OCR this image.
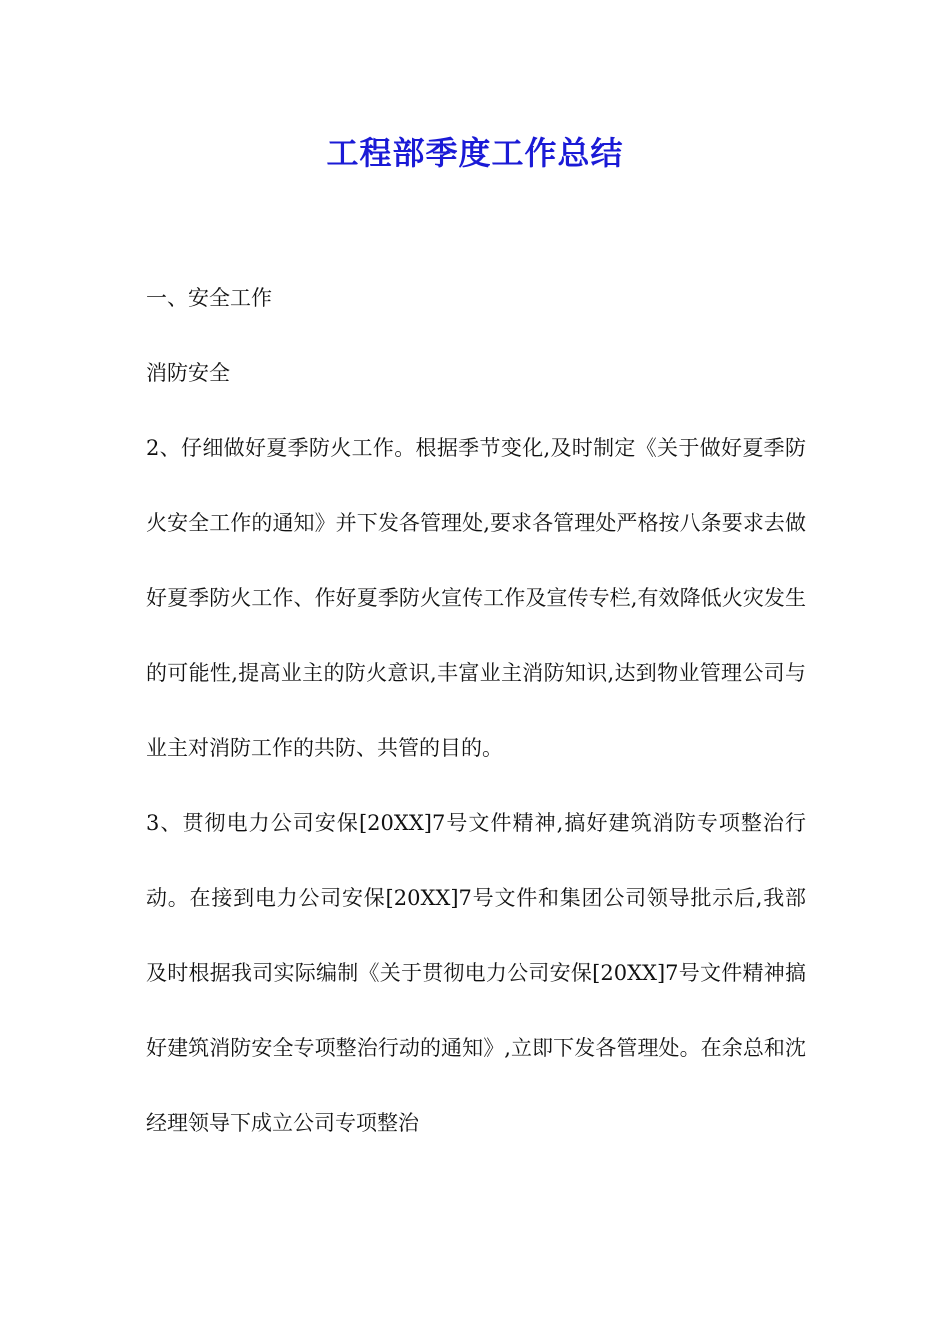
工程部季度工作总结

一、安全工作

消防安全

2、仔细做好夏季防火工作。根据季节变化,及时制定《关于做好夏季防火安全工作的通知》并下发各管理处,要求各管理处严格按八条要求去做好夏季防火工作、作好夏季防火宣传工作及宣传专栏,有效降低火灾发生的可能性,提高业主的防火意识,丰富业主消防知识,达到物业管理公司与业主对消防工作的共防、共管的目的。

3、贯彻电力公司安保[20XX]7号文件精神,搞好建筑消防专项整治行动。在接到电力公司安保[20XX]7号文件和集团公司领导批示后,我部及时根据我司实际编制《关于贯彻电力公司安保[20XX]7号文件精神搞好建筑消防安全专项整治行动的通知》,立即下发各管理处。在余总和沈经理领导下成立公司专项整治
